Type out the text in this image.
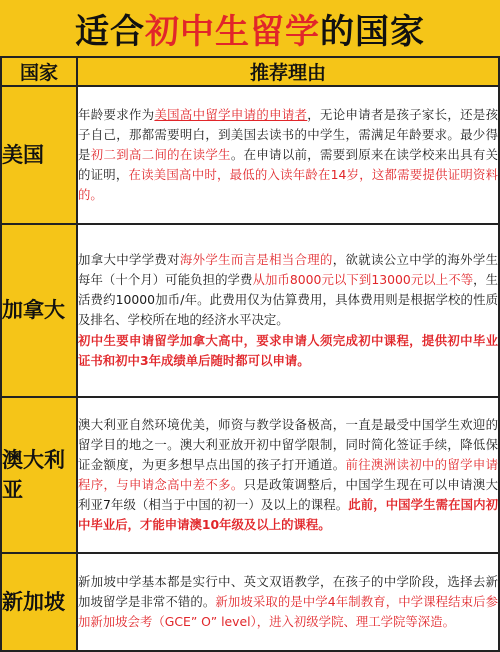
适合初中生留学的国家
国家	推荐理由
美国	年龄要求作为美国高中留学申请的申请者，无论申请者是孩子家长，还是孩子自己，那都需要明白，到美国去读书的中学生，需满足年龄要求。最少得是初二到高二间的在读学生。在申请以前，需要到原来在读学校来出具有关的证明，在读美国高中时，最低的入读年龄在14岁，这都需要提供证明资料的。
加拿大	加拿大中学学费对海外学生而言是相当合理的，欲就读公立中学的海外学生每年（十个月）可能负担的学费从加币8000元以下到13000元以上不等，生活费约10000加币/年。此费用仅为估算费用，具体费用则是根据学校的性质及排名、学校所在地的经济水平决定。
初中生要申请留学加拿大高中，要求申请人须完成初中课程，提供初中毕业证书和初中3年成绩单后随时都可以申请。

澳大利亚	澳大利亚自然环境优美，师资与教学设备极高，一直是最受中国学生欢迎的留学目的地之一。澳大利亚放开初中留学限制，同时简化签证手续，降低保证金额度，为更多想早点出国的孩子打开通道。前往澳洲读初中的留学申请程序，与申请念高中差不多。只是政策调整后，中国学生现在可以申请澳大利亚7年级（相当于中国的初一）及以上的课程。此前，中国学生需在国内初中毕业后，才能申请澳10年级及以上的课程。
新加坡	新加坡中学基本都是实行中、英文双语教学，在孩子的中学阶段，选择去新加坡留学是非常不错的。新加坡采取的是中学4年制教育，中学课程结束后参加新加坡会考（GCE” O” level），进入初级学院、理工学院等深造。
